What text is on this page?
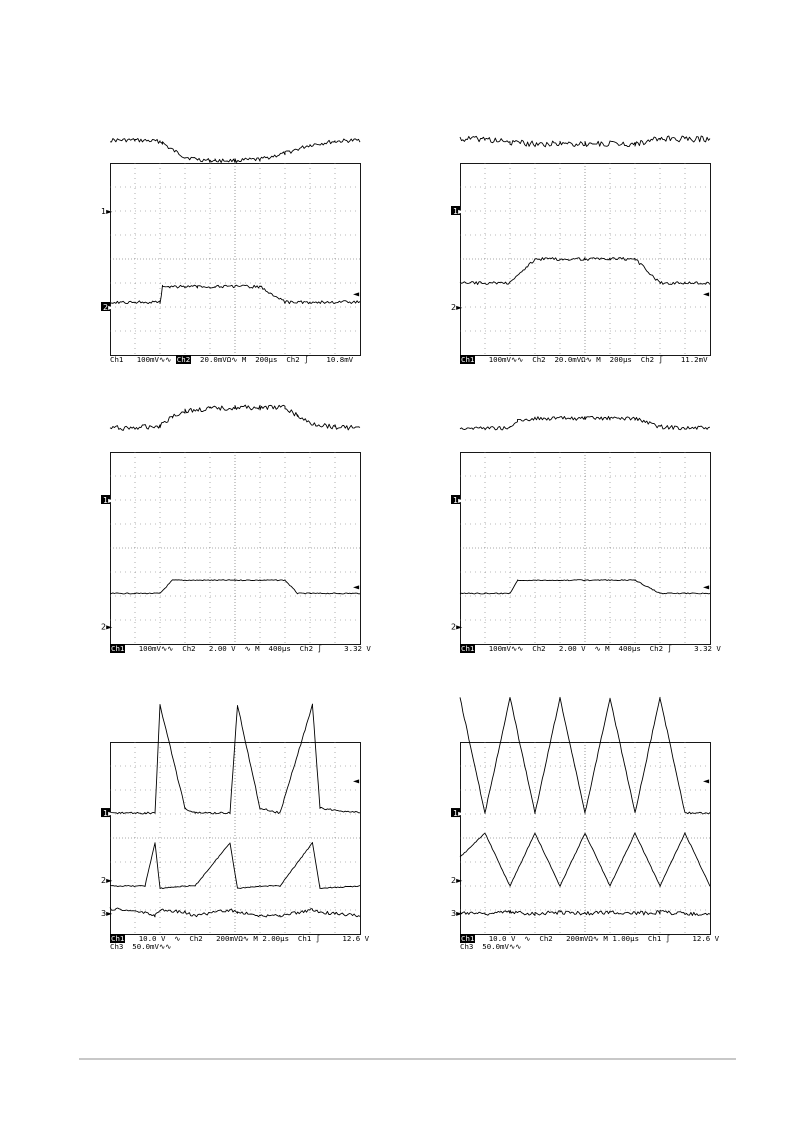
1►
2►
◄
Ch1   100mV∿∿ Ch2  20.0mVΩ∿ M  200µs  Ch2 ∫    10.8mV
1►
2►
◄
Ch1   100mV∿∿  Ch2  20.0mVΩ∿ M  200µs  Ch2 ∫    11.2mV
1►
2►
◄
Ch1   100mV∿∿  Ch2   2.00 V  ∿ M  400µs  Ch2 ∫     3.32 V
1►
2►
◄
Ch1   100mV∿∿  Ch2   2.00 V  ∿ M  400µs  Ch2 ∫     3.32 V
1►
2►
3►
◄
Ch1   10.0 V  ∿  Ch2   200mVΩ∿ M 2.00µs  Ch1 ∫     12.6 V
Ch3  50.0mV∿∿
1►
2►
3►
◄
Ch1   10.0 V  ∿  Ch2   200mVΩ∿ M 1.00µs  Ch1 ∫     12.6 V
Ch3  50.0mV∿∿
